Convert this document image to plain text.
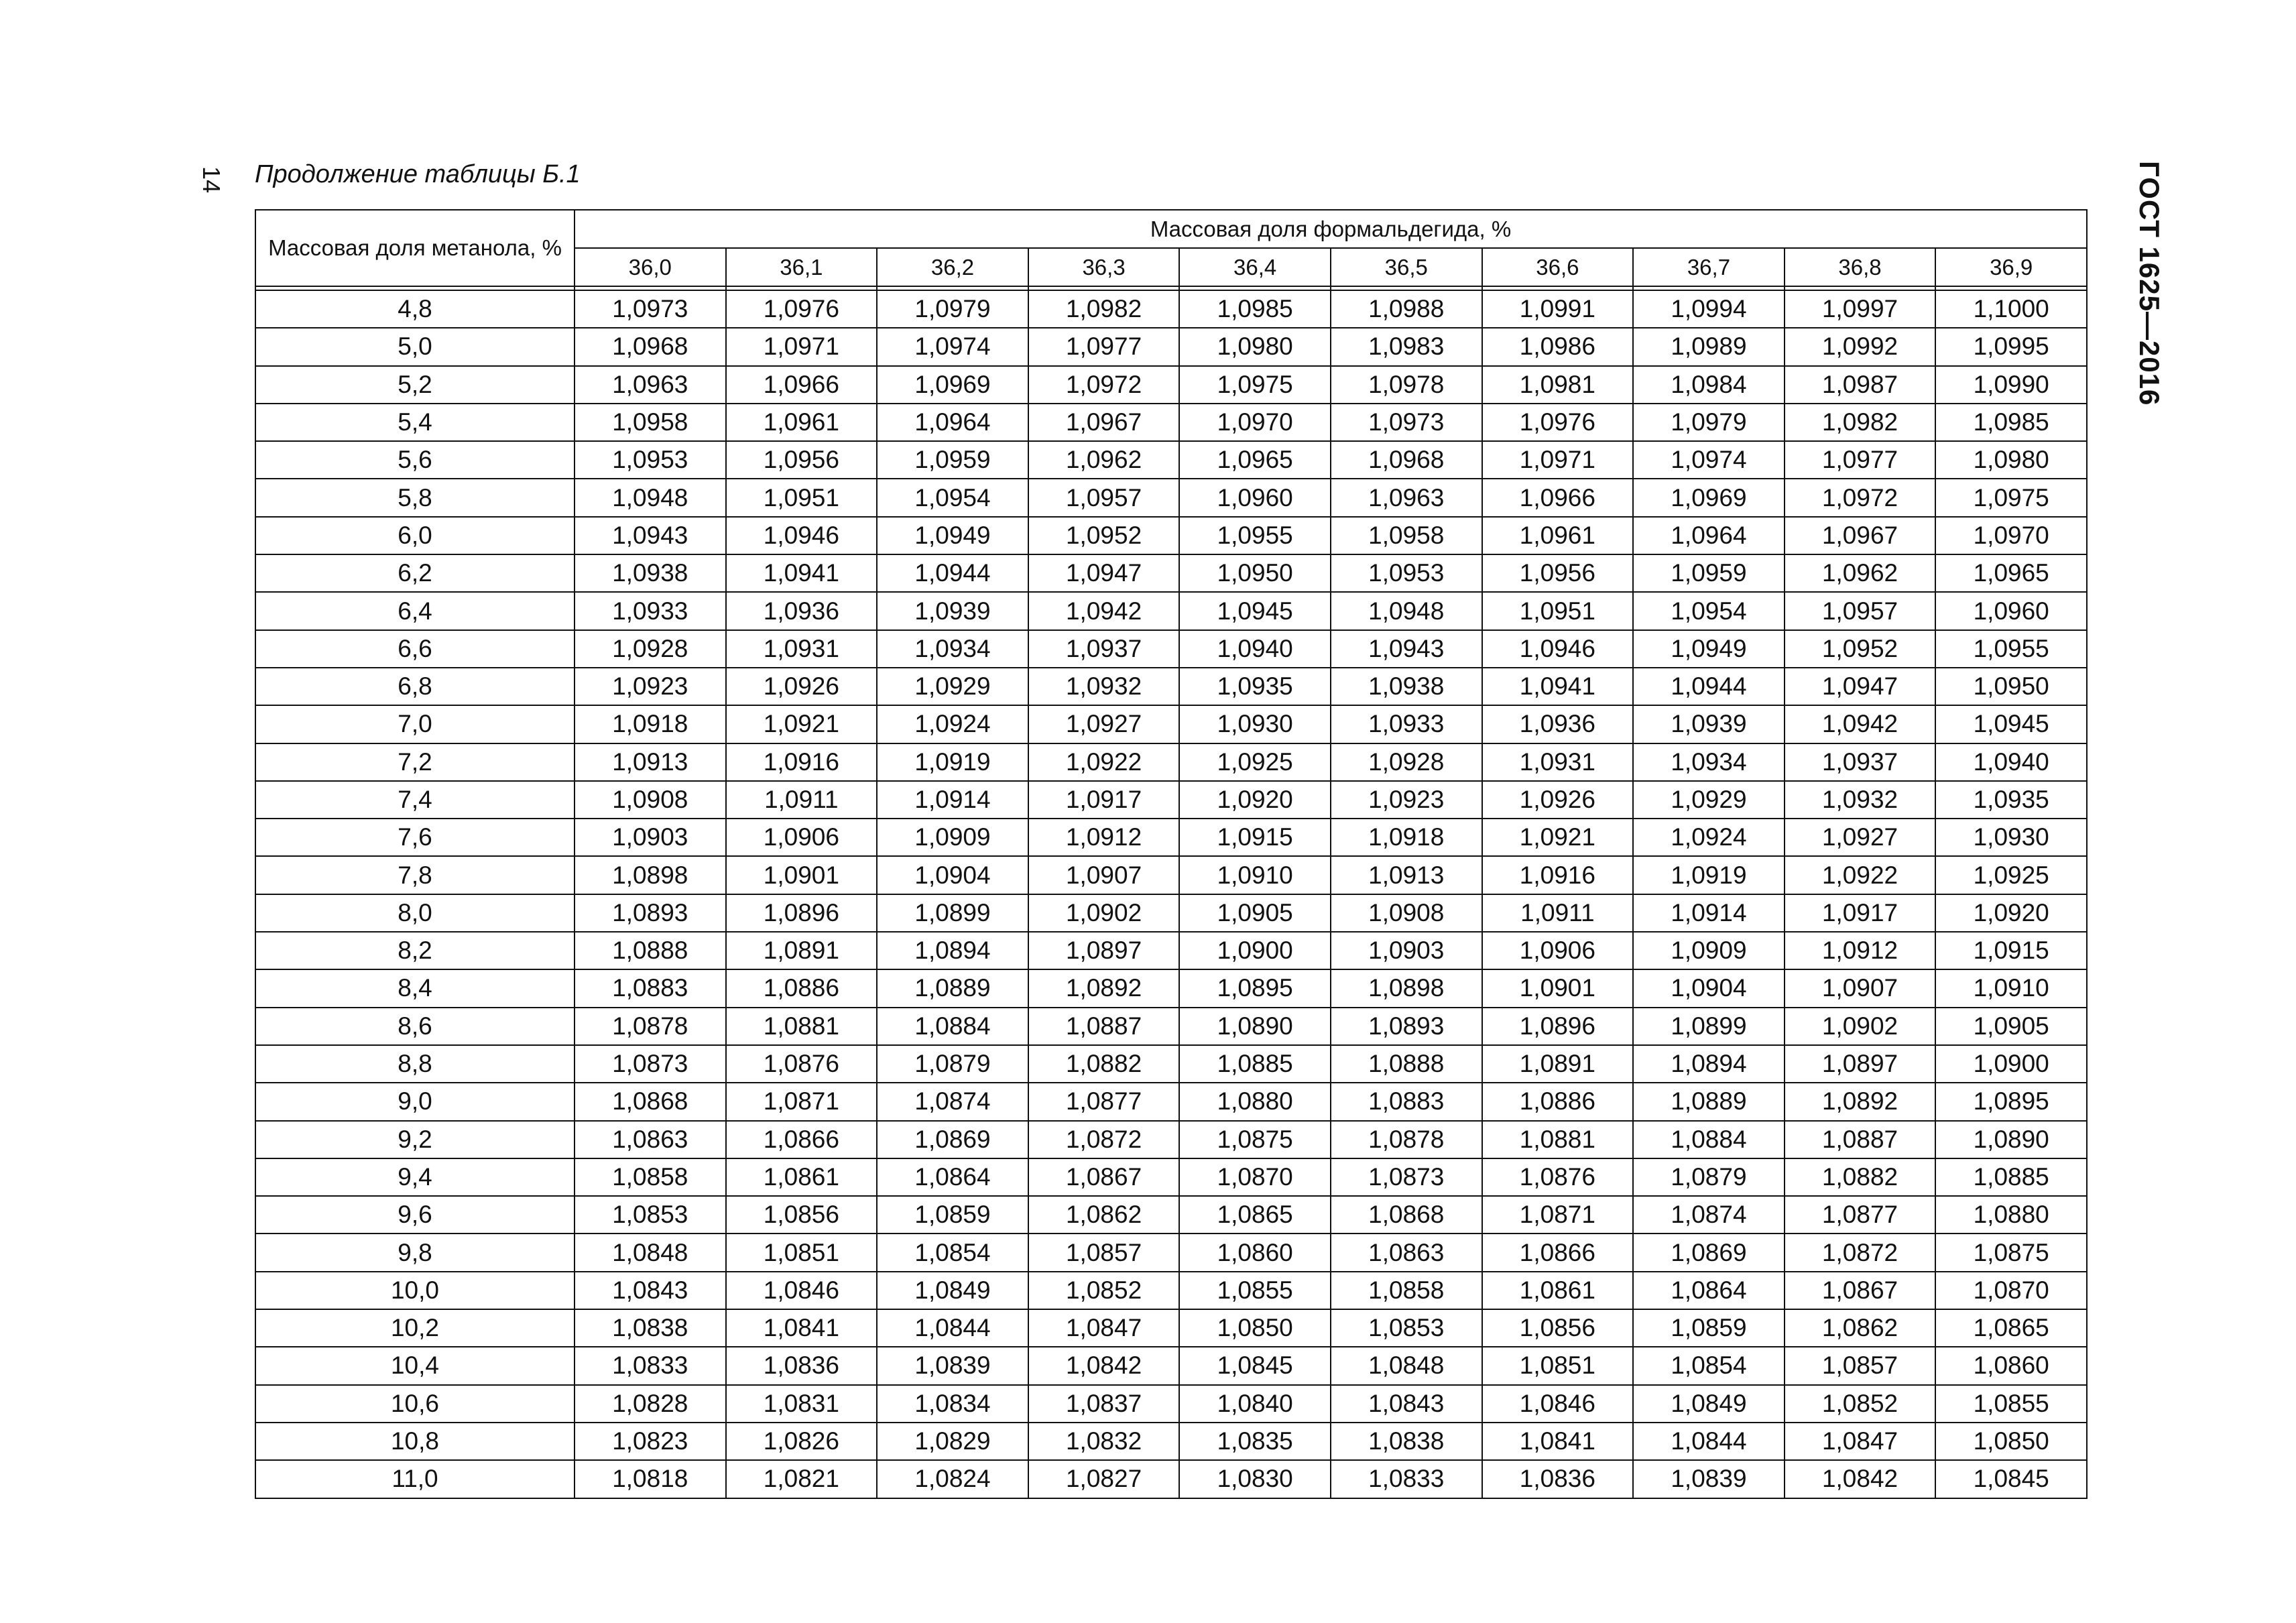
14 Продолжение таблицы Б.1	ГОСТ 1625—2016
Массовая доля метанола, %	Массовая доля формальдегида, %									
	36,0	36,1	36,2	36,3	36,4	36,5	36,6	36,7	36,8	36,9

4,8	1,0973	1,0976	1,0979	1,0982	1,0985	1,0988	1,0991	1,0994	1,0997	1,1000
5,0	1,0968	1,0971	1,0974	1,0977	1,0980	1,0983	1,0986	1,0989	1,0992	1,0995
5,2	1,0963	1,0966	1,0969	1,0972	1,0975	1,0978	1,0981	1,0984	1,0987	1,0990
5,4	1,0958	1,0961	1,0964	1,0967	1,0970	1,0973	1,0976	1,0979	1,0982	1,0985
5,6	1,0953	1,0956	1,0959	1,0962	1,0965	1,0968	1,0971	1,0974	1,0977	1,0980
5,8	1,0948	1,0951	1,0954	1,0957	1,0960	1,0963	1,0966	1,0969	1,0972	1,0975
6,0	1,0943	1,0946	1,0949	1,0952	1,0955	1,0958	1,0961	1,0964	1,0967	1,0970
6,2	1,0938	1,0941	1,0944	1,0947	1,0950	1,0953	1,0956	1,0959	1,0962	1,0965
6,4	1,0933	1,0936	1,0939	1,0942	1,0945	1,0948	1,0951	1,0954	1,0957	1,0960
6,6	1,0928	1,0931	1,0934	1,0937	1,0940	1,0943	1,0946	1,0949	1,0952	1,0955
6,8	1,0923	1,0926	1,0929	1,0932	1,0935	1,0938	1,0941	1,0944	1,0947	1,0950
7,0	1,0918	1,0921	1,0924	1,0927	1,0930	1,0933	1,0936	1,0939	1,0942	1,0945
7,2	1,0913	1,0916	1,0919	1,0922	1,0925	1,0928	1,0931	1,0934	1,0937	1,0940
7,4	1,0908	1,0911	1,0914	1,0917	1,0920	1,0923	1,0926	1,0929	1,0932	1,0935
7,6	1,0903	1,0906	1,0909	1,0912	1,0915	1,0918	1,0921	1,0924	1,0927	1,0930
7,8	1,0898	1,0901	1,0904	1,0907	1,0910	1,0913	1,0916	1,0919	1,0922	1,0925
8,0	1,0893	1,0896	1,0899	1,0902	1,0905	1,0908	1,0911	1,0914	1,0917	1,0920
8,2	1,0888	1,0891	1,0894	1,0897	1,0900	1,0903	1,0906	1,0909	1,0912	1,0915
8,4	1,0883	1,0886	1,0889	1,0892	1,0895	1,0898	1,0901	1,0904	1,0907	1,0910
8,6	1,0878	1,0881	1,0884	1,0887	1,0890	1,0893	1,0896	1,0899	1,0902	1,0905
8,8	1,0873	1,0876	1,0879	1,0882	1,0885	1,0888	1,0891	1,0894	1,0897	1,0900
9,0	1,0868	1,0871	1,0874	1,0877	1,0880	1,0883	1,0886	1,0889	1,0892	1,0895
9,2	1,0863	1,0866	1,0869	1,0872	1,0875	1,0878	1,0881	1,0884	1,0887	1,0890
9,4	1,0858	1,0861	1,0864	1,0867	1,0870	1,0873	1,0876	1,0879	1,0882	1,0885
9,6	1,0853	1,0856	1,0859	1,0862	1,0865	1,0868	1,0871	1,0874	1,0877	1,0880
9,8	1,0848	1,0851	1,0854	1,0857	1,0860	1,0863	1,0866	1,0869	1,0872	1,0875
10,0	1,0843	1,0846	1,0849	1,0852	1,0855	1,0858	1,0861	1,0864	1,0867	1,0870
10,2	1,0838	1,0841	1,0844	1,0847	1,0850	1,0853	1,0856	1,0859	1,0862	1,0865
10,4	1,0833	1,0836	1,0839	1,0842	1,0845	1,0848	1,0851	1,0854	1,0857	1,0860
10,6	1,0828	1,0831	1,0834	1,0837	1,0840	1,0843	1,0846	1,0849	1,0852	1,0855
10,8	1,0823	1,0826	1,0829	1,0832	1,0835	1,0838	1,0841	1,0844	1,0847	1,0850
11,0	1,0818	1,0821	1,0824	1,0827	1,0830	1,0833	1,0836	1,0839	1,0842	1,0845
